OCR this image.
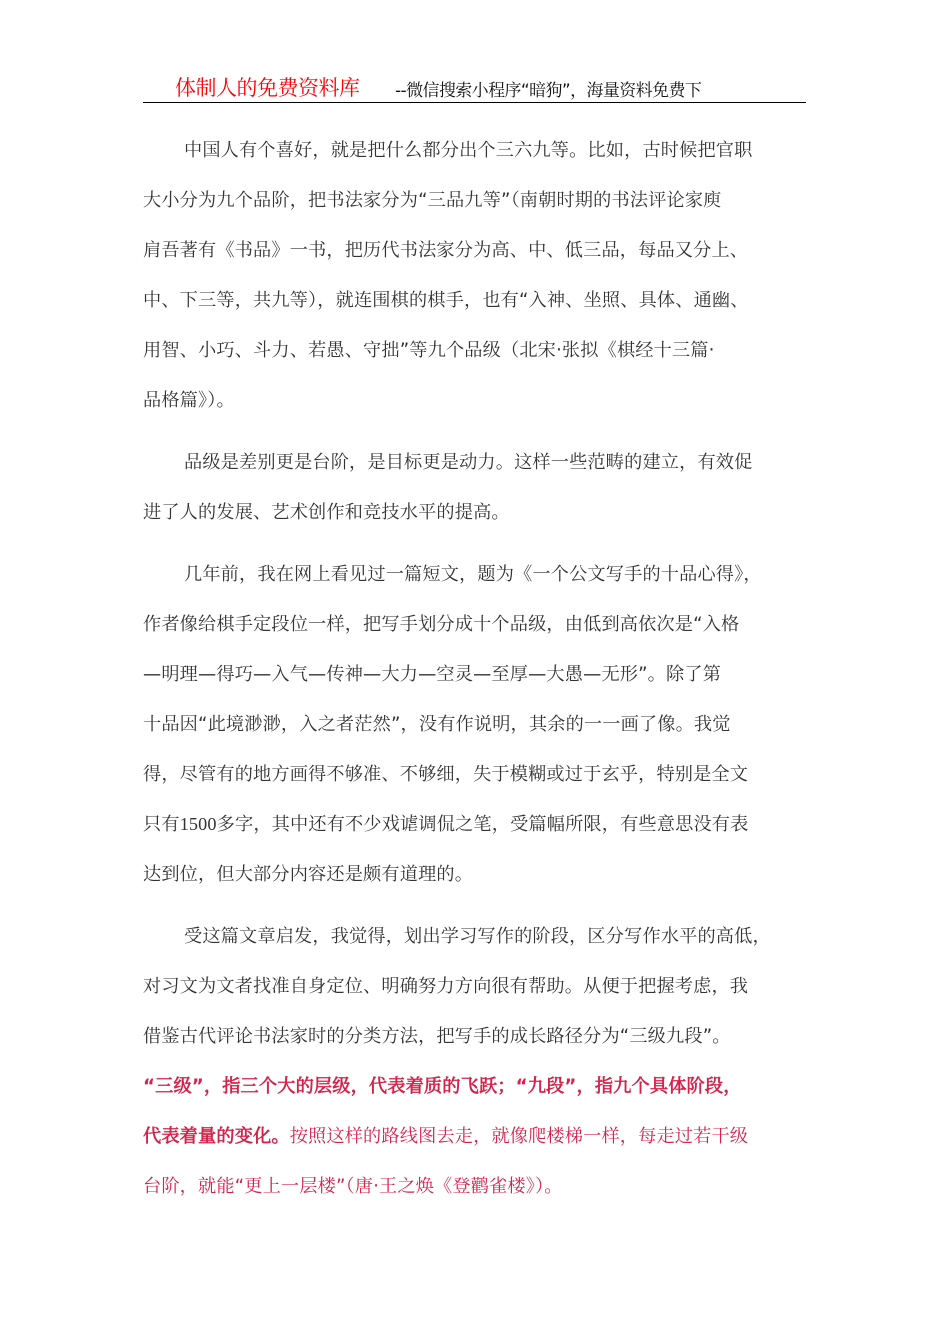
体制人的免费资料库 --微信搜索小程序“暗狗”，海量资料免费下
中国人有个喜好，就是把什么都分出个三六九等。比如，古时候把官职
大小分为九个品阶，把书法家分为“三品九等”（南朝时期的书法评论家庾
肩吾著有《书品》一书，把历代书法家分为高、中、低三品，每品又分上、
中、下三等，共九等），就连围棋的棋手，也有“入神、坐照、具体、通幽、
用智、小巧、斗力、若愚、守拙”等九个品级（北宋·张拟《棋经十三篇·
品格篇》）。
品级是差别更是台阶，是目标更是动力。这样一些范畴的建立，有效促
进了人的发展、艺术创作和竞技水平的提高。
几年前，我在网上看见过一篇短文，题为《一个公文写手的十品心得》，
作者像给棋手定段位一样，把写手划分成十个品级，由低到高依次是“入格
—明理—得巧—入气—传神—大力—空灵—至厚—大愚—无形”。除了第
十品因“此境渺渺，入之者茫然”，没有作说明，其余的一一画了像。我觉
得，尽管有的地方画得不够准、不够细，失于模糊或过于玄乎，特别是全文
只有1500多字，其中还有不少戏谑调侃之笔，受篇幅所限，有些意思没有表
达到位，但大部分内容还是颇有道理的。
受这篇文章启发，我觉得，划出学习写作的阶段，区分写作水平的高低，
对习文为文者找准自身定位、明确努力方向很有帮助。从便于把握考虑，我
借鉴古代评论书法家时的分类方法，把写手的成长路径分为“三级九段”。
“三级”，指三个大的层级，代表着质的飞跃；“九段”，指九个具体阶段，
代表着量的变化。按照这样的路线图去走，就像爬楼梯一样，每走过若干级
台阶，就能“更上一层楼”（唐·王之焕《登鹳雀楼》）。
